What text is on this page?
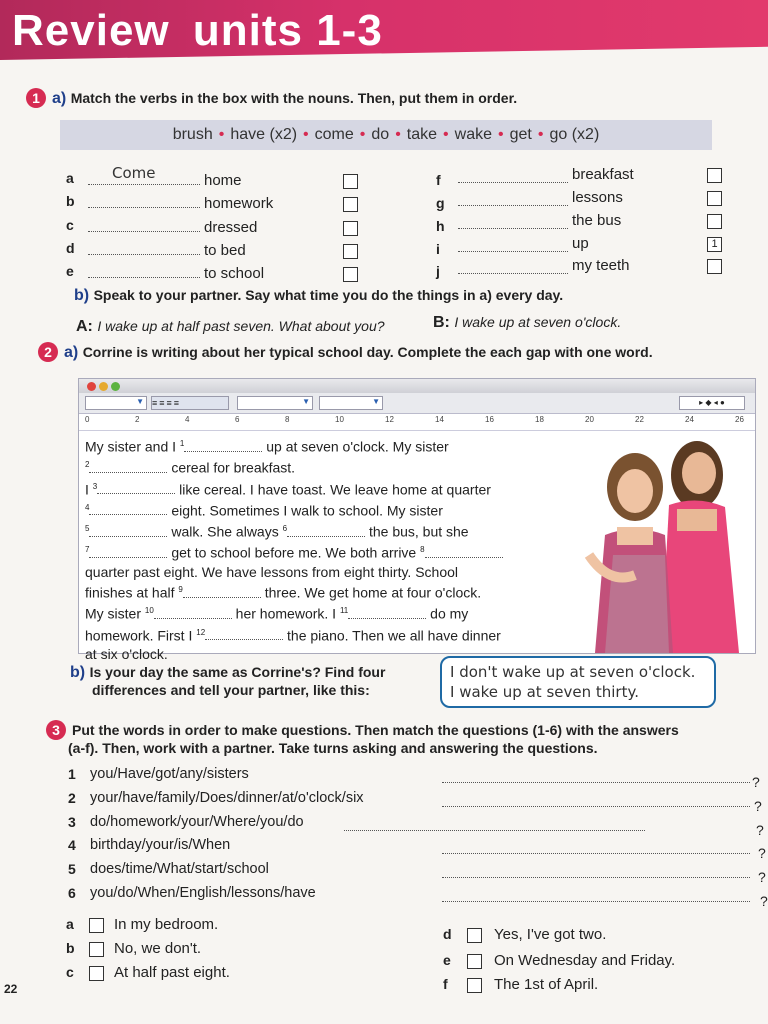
Review units 1-3
1 a) Match the verbs in the box with the nouns. Then, put them in order.
brush • have (x2) • come • do • take • wake • get • go (x2)
a	Come	home
b	homework
c	dressed
d	to bed
e	to school
f	breakfast
g	lessons
h	the bus
i	up	1
j	my teeth
b) Speak to your partner. Say what time you do the things in a) every day.
A: I wake up at half past seven. What about you?	B: I wake up at seven o'clock.
2 a) Corrine is writing about her typical school day. Complete the each gap with one word.
▼ ≡≡≡≡	▼	▼	▸ ◆ ◂ ●
0	2	4	6	8	10	12	14	16	18	20	22	24	26
My sister and I $^1$	up at seven o'clock. My sister
$^2$	cereal for breakfast.
I $^3$	like cereal. I have toast. We leave home at quarter
$^4$	eight. Sometimes I walk to school. My sister
$^5$	walk. She always $^6$	the bus, but she
$^7$	get to school before me. We both arrive $^8$
quarter past eight. We have lessons from eight thirty. School
finishes at half $^9$	three. We get home at four o'clock.
My sister $^{10}$	her homework. I $^{11}$	do my
homework. First I $^{12}$	the piano. Then we all have dinner
at six o'clock.
b) Is your day the same as Corrine's? Find four
differences and tell your partner, like this:
I don't wake up at seven o'clock.
I wake up at seven thirty.
3 Put the words in order to make questions. Then match the questions (1-6) with the answers
(a-f). Then, work with a partner. Take turns asking and answering the questions.
1 you/Have/got/any/sisters	?
2 your/have/family/Does/dinner/at/o'clock/six	?
3 do/homework/your/Where/you/do	?
4 birthday/your/is/When	?
5 does/time/What/start/school	?
6 you/do/When/English/lessons/have	?
a	In my bedroom.
b	No, we don't.
c	At half past eight.
d	Yes, I've got two.
e	On Wednesday and Friday.
f	The 1st of April.
22
